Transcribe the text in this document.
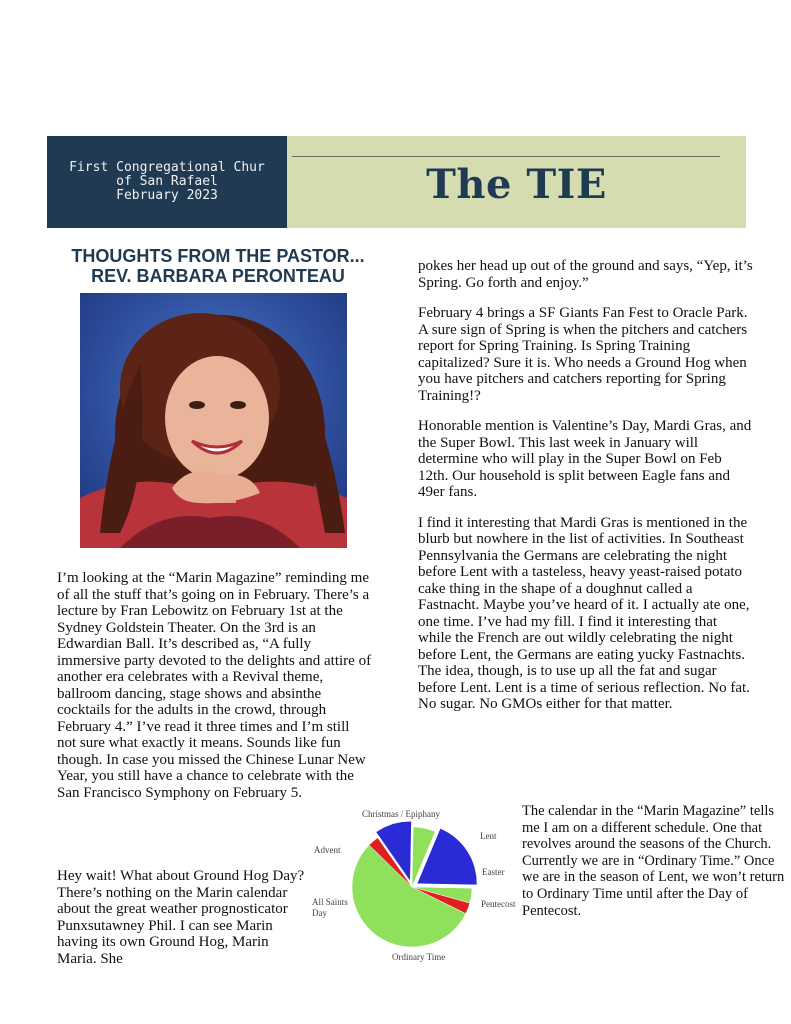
First Congregational Chur
of San Rafael
February 2023	The TIE
THOUGHTS FROM THE PASTOR...
REV. BARBARA PERONTEAU

I’m looking at the “Marin Magazine” reminding me of all the stuff that’s going on in February. There’s a lecture by Fran Lebowitz on February 1st at the Sydney Goldstein Theater. On the 3rd is an Edwardian Ball. It’s described as, “A fully immersive party devoted to the delights and attire of another era celebrates with a Revival theme, ballroom dancing, stage shows and absinthe cocktails for the adults in the crowd, through February 4.” I’ve read it three times and I’m still not sure what exactly it means. Sounds like fun though. In case you missed the Chinese Lunar New Year, you still have a chance to celebrate with the San Francisco Symphony on February 5.

Hey wait! What about Ground Hog Day? There’s nothing on the Marin calendar about the great weather prognosticator Punxsutawney Phil. I can see Marin having its own Ground Hog, Marin Maria. She

pokes her head up out of the ground and says, “Yep, it’s Spring. Go forth and enjoy.”

February 4 brings a SF Giants Fan Fest to Oracle Park. A sure sign of Spring is when the pitchers and catchers report for Spring Training. Is Spring Training capitalized? Sure it is. Who needs a Ground Hog when you have pitchers and catchers reporting for Spring Training!?

Honorable mention is Valentine’s Day, Mardi Gras, and the Super Bowl. This last week in January will determine who will play in the Super Bowl on Feb 12th. Our household is split between Eagle fans and 49er fans.

I find it interesting that Mardi Gras is mentioned in the blurb but nowhere in the list of activities. In Southeast Pennsylvania the Germans are celebrating the night before Lent with a tasteless, heavy yeast-raised potato cake thing in the shape of a doughnut called a Fastnacht. Maybe you’ve heard of it. I actually ate one, one time. I’ve had my fill. I find it interesting that while the French are out wildly celebrating the night before Lent, the Germans are eating yucky Fastnachts. The idea, though, is to use up all the fat and sugar before Lent. Lent is a time of serious reflection. No fat. No sugar. No GMOs either for that matter.

Christmas / Epiphany
Lent
Easter
Pentecost
Ordinary Time
All Saints Day
Advent

The calendar in the “Marin Magazine” tells me I am on a different schedule. One that revolves around the seasons of the Church. Currently we are in “Ordinary Time.” Once we are in the season of Lent, we won’t return to Ordinary Time until after the Day of Pentecost.
